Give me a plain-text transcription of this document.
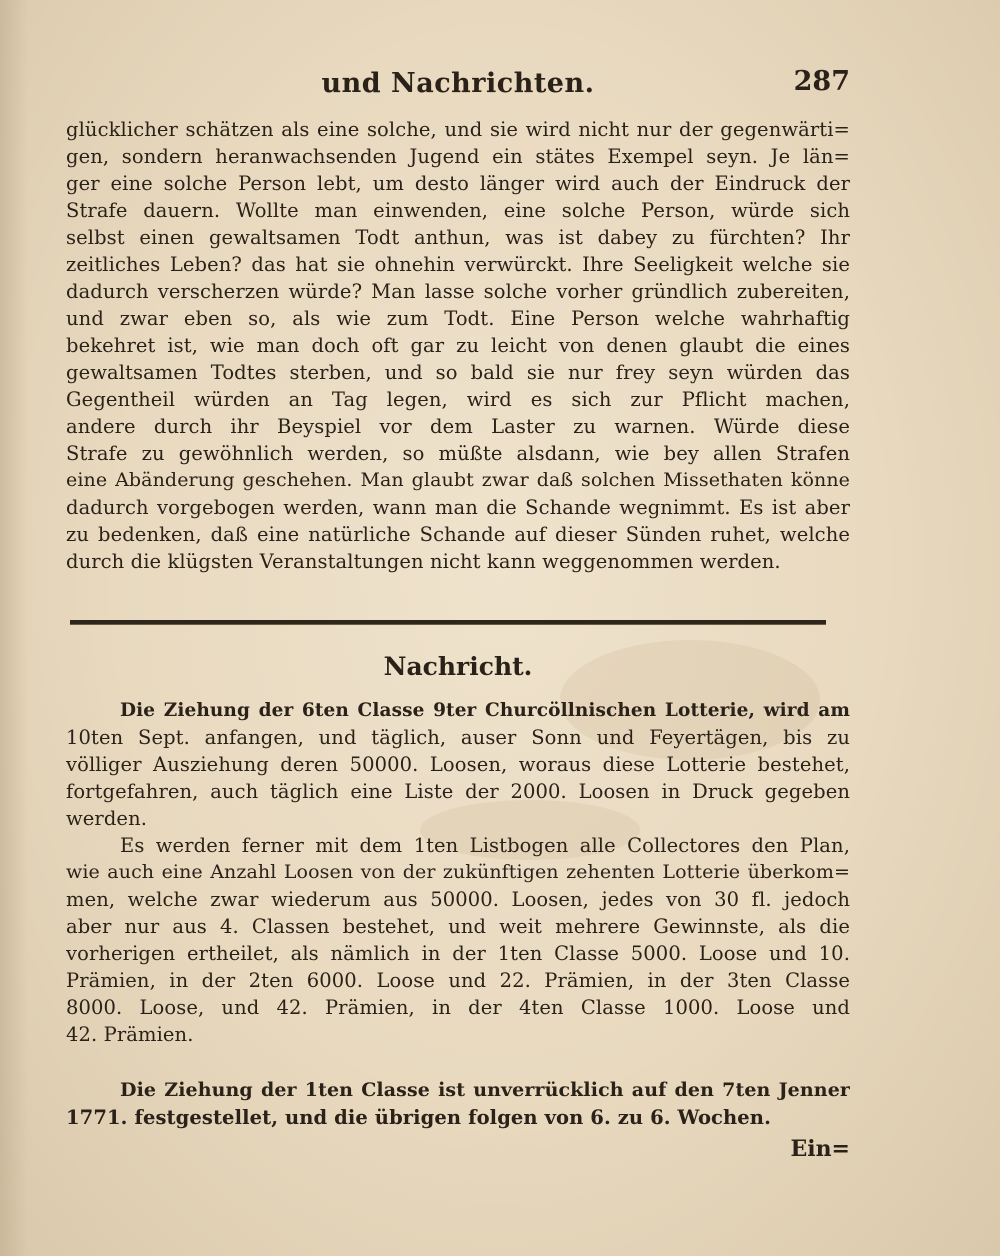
und Nachrichten.	287
glücklicher schätzen als eine solche, und sie wird nicht nur der gegenwärti=
gen, sondern heranwachsenden Jugend ein stätes Exempel seyn. Je län=
ger eine solche Person lebt, um desto länger wird auch der Eindruck der
Strafe dauern. Wollte man einwenden, eine solche Person, würde sich
selbst einen gewaltsamen Todt anthun, was ist dabey zu fürchten? Ihr
zeitliches Leben? das hat sie ohnehin verwürckt. Ihre Seeligkeit welche sie
dadurch verscherzen würde? Man lasse solche vorher gründlich zubereiten,
und zwar eben so, als wie zum Todt. Eine Person welche wahrhaftig
bekehret ist, wie man doch oft gar zu leicht von denen glaubt die eines
gewaltsamen Todtes sterben, und so bald sie nur frey seyn würden das
Gegentheil würden an Tag legen, wird es sich zur Pflicht machen,
andere durch ihr Beyspiel vor dem Laster zu warnen. Würde diese
Strafe zu gewöhnlich werden, so müßte alsdann, wie bey allen Strafen
eine Abänderung geschehen. Man glaubt zwar daß solchen Missethaten könne
dadurch vorgebogen werden, wann man die Schande wegnimmt. Es ist aber
zu bedenken, daß eine natürliche Schande auf dieser Sünden ruhet, welche
durch die klügsten Veranstaltungen nicht kann weggenommen werden.
Nachricht.
Die Ziehung der 6ten Classe 9ter Churcöllnischen Lotterie, wird am
10ten Sept. anfangen, und täglich, auser Sonn und Feyertägen, bis zu
völliger Ausziehung deren 50000. Loosen, woraus diese Lotterie bestehet,
fortgefahren, auch täglich eine Liste der 2000. Loosen in Druck gegeben
werden.
Es werden ferner mit dem 1ten Listbogen alle Collectores den Plan,
wie auch eine Anzahl Loosen von der zukünftigen zehenten Lotterie überkom=
men, welche zwar wiederum aus 50000. Loosen, jedes von 30 fl. jedoch
aber nur aus 4. Classen bestehet, und weit mehrere Gewinnste, als die
vorherigen ertheilet, als nämlich in der 1ten Classe 5000. Loose und 10.
Prämien, in der 2ten 6000. Loose und 22. Prämien, in der 3ten Classe
8000. Loose, und 42. Prämien, in der 4ten Classe 1000. Loose und
42. Prämien.
Die Ziehung der 1ten Classe ist unverrücklich auf den 7ten Jenner
1771. festgestellet, und die übrigen folgen von 6. zu 6. Wochen.
Ein=
